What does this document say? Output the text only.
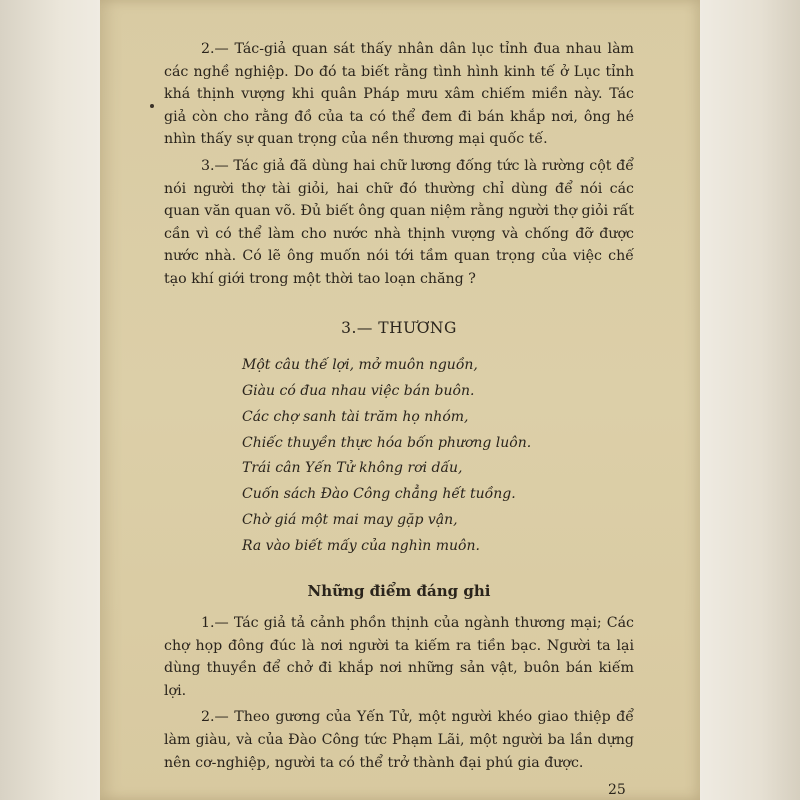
2.— Tác-giả quan sát thấy nhân dân lục tỉnh đua nhau làm các nghề nghiệp. Do đó ta biết rằng tình hình kinh tế ở Lục tỉnh khá thịnh vượng khi quân Pháp mưu xâm chiếm miền này. Tác giả còn cho rằng đồ của ta có thể đem đi bán khắp nơi, ông hé nhìn thấy sự quan trọng của nền thương mại quốc tế.

3.— Tác giả đã dùng hai chữ lương đống tức là rường cột để nói người thợ tài giỏi, hai chữ đó thường chỉ dùng để nói các quan văn quan võ. Đủ biết ông quan niệm rằng người thợ giỏi rất cần vì có thể làm cho nước nhà thịnh vượng và chống đỡ được nước nhà. Có lẽ ông muốn nói tới tầm quan trọng của việc chế tạo khí giới trong một thời tao loạn chăng ?

3.— THƯƠNG
Một câu thế lợi, mở muôn nguồn,
Giàu có đua nhau việc bán buôn.
Các chợ sanh tài trăm họ nhóm,
Chiếc thuyền thực hóa bốn phương luôn.
Trái cân Yến Tử không rơi dấu,
Cuốn sách Đào Công chẳng hết tuồng.
Chờ giá một mai may gặp vận,
Ra vào biết mấy của nghìn muôn.
Những điểm đáng ghi

1.— Tác giả tả cảnh phồn thịnh của ngành thương mại; Các chợ họp đông đúc là nơi người ta kiếm ra tiền bạc. Người ta lại dùng thuyền để chở đi khắp nơi những sản vật, buôn bán kiếm lợi.

2.— Theo gương của Yến Tử, một người khéo giao thiệp để làm giàu, và của Đào Công tức Phạm Lãi, một người ba lần dựng nên cơ-nghiệp, người ta có thể trở thành đại phú gia được.

25
